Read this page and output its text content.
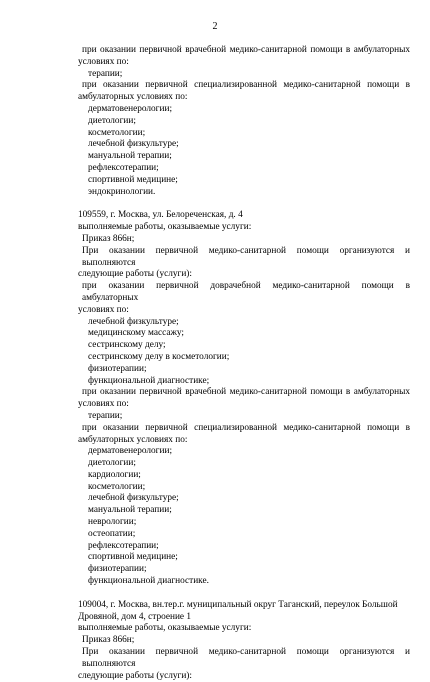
2
при оказании первичной врачебной медико-санитарной помощи в амбулаторных
условиях по:
терапии;
при оказании первичной специализированной медико-санитарной помощи в
амбулаторных условиях по:
дерматовенерологии;
диетологии;
косметологии;
лечебной физкультуре;
мануальной терапии;
рефлексотерапии;
спортивной медицине;
эндокринологии.
109559, г. Москва, ул. Белореченская, д. 4
выполняемые работы, оказываемые услуги:
Приказ 866н;
При оказании первичной медико-санитарной помощи организуются и выполняются
следующие работы (услуги):
при оказании первичной доврачебной медико-санитарной помощи в амбулаторных
условиях по:
лечебной физкультуре;
медицинскому массажу;
сестринскому делу;
сестринскому делу в косметологии;
физиотерапии;
функциональной диагностике;
при оказании первичной врачебной медико-санитарной помощи в амбулаторных
условиях по:
терапии;
при оказании первичной специализированной медико-санитарной помощи в
амбулаторных условиях по:
дерматовенерологии;
диетологии;
кардиологии;
косметологии;
лечебной физкультуре;
мануальной терапии;
неврологии;
остеопатии;
рефлексотерапии;
спортивной медицине;
физиотерапии;
функциональной диагностике.
109004, г. Москва, вн.тер.г. муниципальный округ Таганский, переулок Большой
Дровяной, дом 4, строение 1
выполняемые работы, оказываемые услуги:
Приказ 866н;
При оказании первичной медико-санитарной помощи организуются и выполняются
следующие работы (услуги):
